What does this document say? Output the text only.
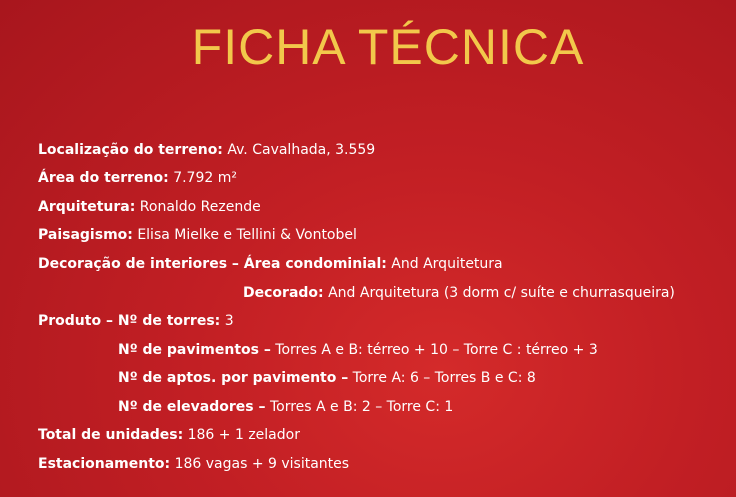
FICHA TÉCNICA
Localização do terreno: Av. Cavalhada, 3.559
Área do terreno: 7.792 m²
Arquitetura: Ronaldo Rezende
Paisagismo: Elisa Mielke e Tellini & Vontobel
Decoração de interiores – Área condominial: And Arquitetura
Decorado: And Arquitetura (3 dorm c/ suíte e churrasqueira)
Produto – Nº de torres: 3
Nº de pavimentos – Torres A e B: térreo + 10 – Torre C : térreo + 3
Nº de aptos. por pavimento – Torre A: 6 – Torres B e C: 8
Nº de elevadores – Torres A e B: 2 – Torre C: 1
Total de unidades: 186 + 1 zelador
Estacionamento: 186 vagas + 9 visitantes
